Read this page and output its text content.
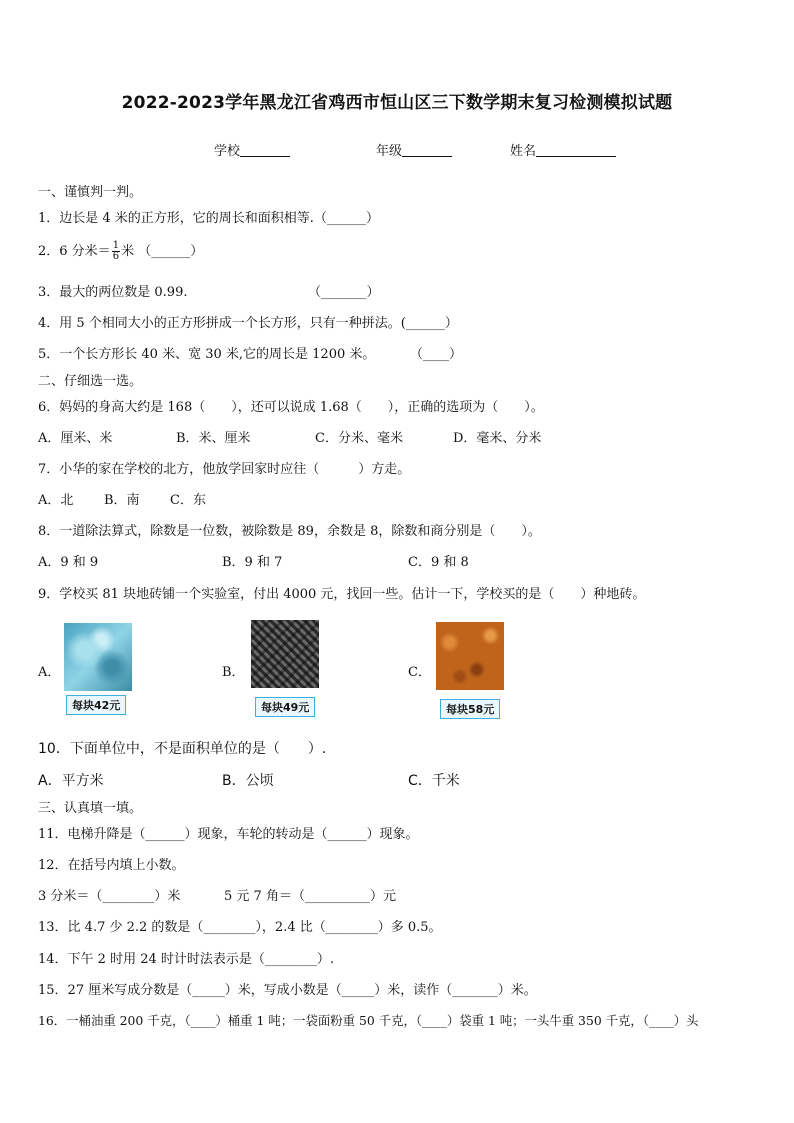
2022-2023学年黑龙江省鸡西市恒山区三下数学期末复习检测模拟试题
学校	年级	姓名
一、谨慎判一判。
1．边长是 4 米的正方形，它的周长和面积相等.（______）
2．6 分米＝ $\frac{1}{6}$ 米 （______）
3．最大的两位数是 0.99.	（_______）
4．用 5 个相同大小的正方形拼成一个长方形，只有一种拼法。(______）
5．一个长方形长 40 米、宽 30 米,它的周长是 1200 米。	（____）
二、仔细选一选。
6．妈妈的身高大约是 168（　　），还可以说成 1.68（　　），正确的选项为（　　）。
A．厘米、米	B．米、厘米	C．分米、毫米	D．毫米、分米
7．小华的家在学校的北方，他放学回家时应往（　　　）方走。
A．北 B．南 C．东
8．一道除法算式，除数是一位数，被除数是 89，余数是 8，除数和商分别是（　　）。
A．9 和 9	B．9 和 7	C．9 和 8
9．学校买 81 块地砖铺一个实验室，付出 4000 元，找回一些。估计一下，学校买的是（　　）种地砖。
A．
每块42元
B．
每块49元
C．
每块58元
10．下面单位中，不是面积单位的是（　　）.
A．平方米	B．公顷	C．千米
三、认真填一填。
11．电梯升降是（______）现象，车轮的转动是（______）现象。
12．在括号内填上小数。
3 分米＝（________）米	5 元 7 角＝（__________）元
13．比 4.7 少 2.2 的数是（________），2.4 比（________）多 0.5。
14．下午 2 时用 24 时计时法表示是（________）.
15．27 厘米写成分数是（_____）米，写成小数是（_____）米，读作（_______）米。
16．一桶油重 200 千克，（____）桶重 1 吨；一袋面粉重 50 千克，（____）袋重 1 吨；一头牛重 350 千克，（____）头
